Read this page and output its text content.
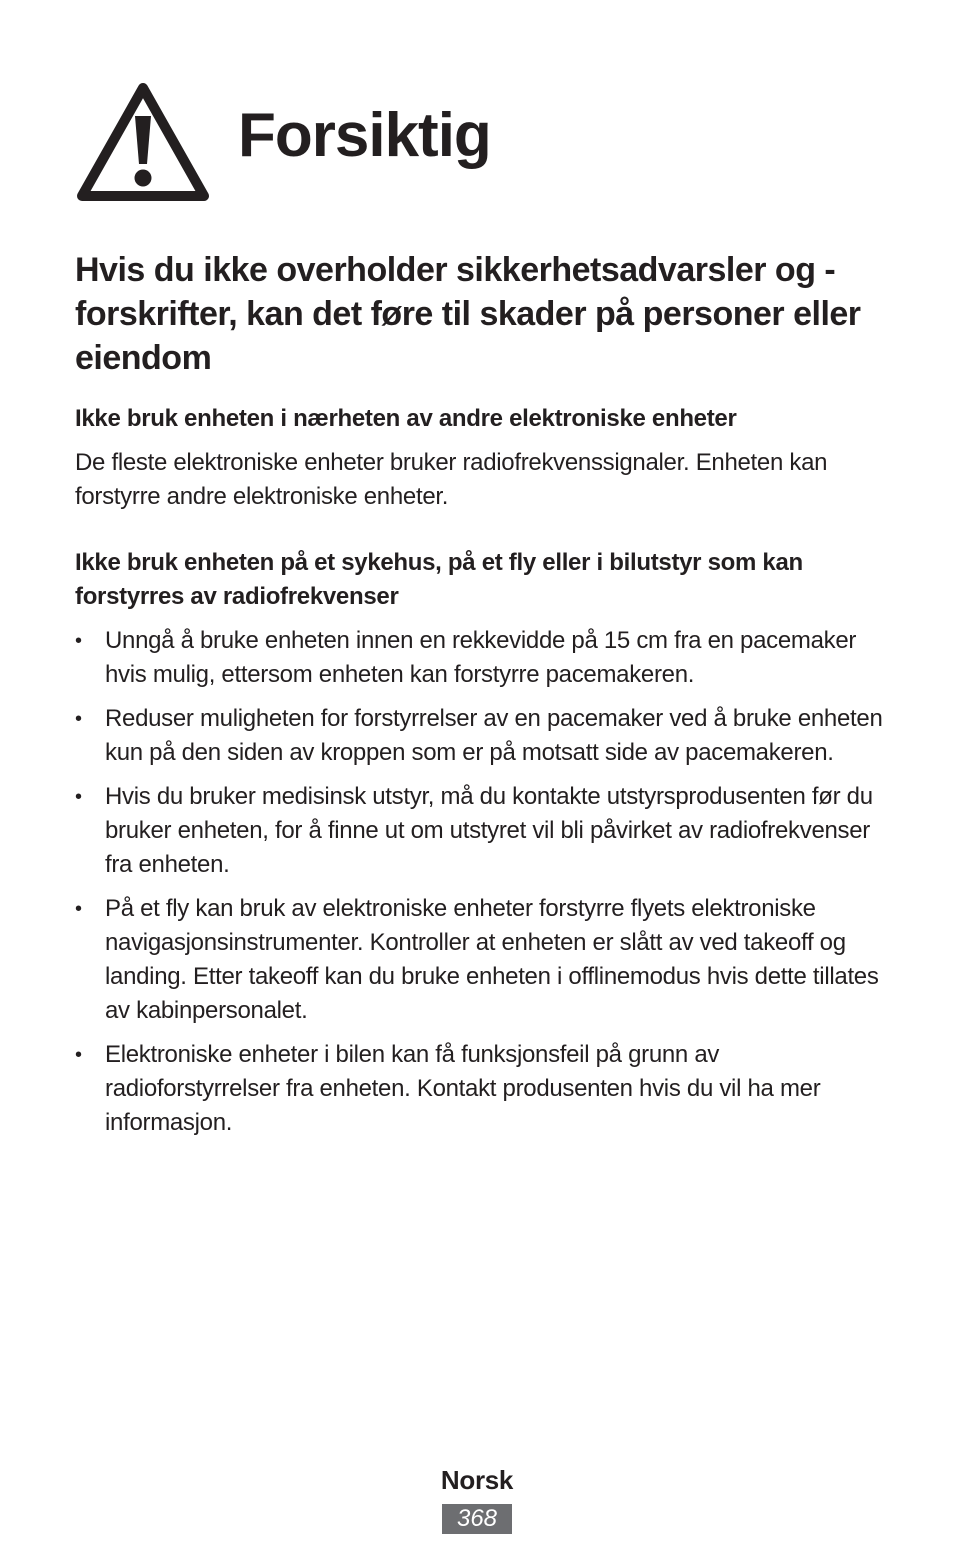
Forsiktig
Hvis du ikke overholder sikkerhetsadvarsler og -forskrifter, kan det føre til skader på personer eller eiendom
Ikke bruk enheten i nærheten av andre elektroniske enheter

De fleste elektroniske enheter bruker radiofrekvenssignaler. Enheten kan forstyrre andre elektroniske enheter.

Ikke bruk enheten på et sykehus, på et fly eller i bilutstyr som kan forstyrres av radiofrekvenser
• Unngå å bruke enheten innen en rekkevidde på 15 cm fra en pacemaker hvis mulig, ettersom enheten kan forstyrre pacemakeren.
• Reduser muligheten for forstyrrelser av en pacemaker ved å bruke enheten kun på den siden av kroppen som er på motsatt side av pacemakeren.
• Hvis du bruker medisinsk utstyr, må du kontakte utstyrsprodusenten før du bruker enheten, for å finne ut om utstyret vil bli påvirket av radiofrekvenser fra enheten.
• På et fly kan bruk av elektroniske enheter forstyrre flyets elektroniske navigasjonsinstrumenter. Kontroller at enheten er slått av ved takeoff og landing. Etter takeoff kan du bruke enheten i offlinemodus hvis dette tillates av kabinpersonalet.
• Elektroniske enheter i bilen kan få funksjonsfeil på grunn av radioforstyrrelser fra enheten. Kontakt produsenten hvis du vil ha mer informasjon.
Norsk
368
